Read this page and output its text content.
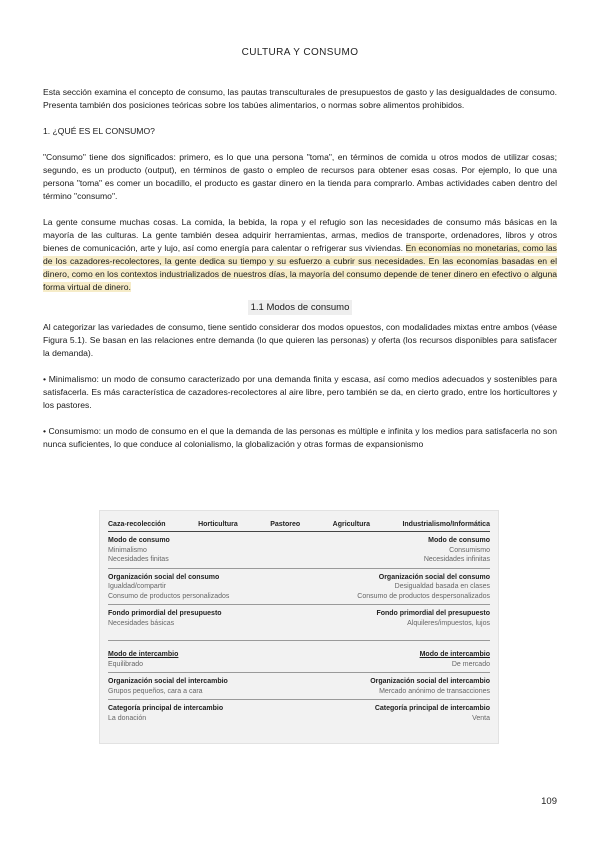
CULTURA Y CONSUMO

Esta sección examina el concepto de consumo, las pautas transculturales de presupuestos de gasto y las desigualdades de consumo. Presenta también dos posiciones teóricas sobre los tabúes alimentarios, o normas sobre alimentos prohibidos.

1. ¿QUÉ ES EL CONSUMO?

"Consumo" tiene dos significados: primero, es lo que una persona "toma", en términos de comida u otros modos de utilizar cosas; segundo, es un producto (output), en términos de gasto o empleo de recursos para obtener esas cosas. Por ejemplo, lo que una persona "toma" es comer un bocadillo, el producto es gastar dinero en la tienda para comprarlo. Ambas actividades caben dentro del término "consumo".

La gente consume muchas cosas. La comida, la bebida, la ropa y el refugio son las necesidades de consumo más básicas en la mayoría de las culturas. La gente también desea adquirir herramientas, armas, medios de transporte, ordenadores, libros y otros bienes de comunicación, arte y lujo, así como energía para calentar o refrigerar sus viviendas. En economías no monetarias, como las de los cazadores-recolectores, la gente dedica su tiempo y su esfuerzo a cubrir sus necesidades. En las economías basadas en el dinero, como en los contextos industrializados de nuestros días, la mayoría del consumo depende de tener dinero en efectivo o alguna forma virtual de dinero.

1.1 Modos de consumo

Al categorizar las variedades de consumo, tiene sentido considerar dos modos opuestos, con modalidades mixtas entre ambos (véase Figura 5.1). Se basan en las relaciones entre demanda (lo que quieren las personas) y oferta (los recursos disponibles para satisfacer la demanda).

• Minimalismo: un modo de consumo caracterizado por una demanda finita y escasa, así como medios adecuados y sostenibles para satisfacerla. Es más característica de cazadores-recolectores al aire libre, pero también se da, en cierto grado, entre los horticultores y los pastores.

• Consumismo: un modo de consumo en el que la demanda de las personas es múltiple e infinita y los medios para satisfacerla no son nunca suficientes, lo que conduce al colonialismo, la globalización y otras formas de expansionismo

Caza-recolección	Horticultura	Pastoreo	Agricultura	Industrialismo/Informática
Modo de consumo	Modo de consumo
Minimalismo	Consumismo
Necesidades finitas	Necesidades infinitas
Organización social del consumo	Organización social del consumo
Igualdad/compartir	Desigualdad basada en clases
Consumo de productos personalizados	Consumo de productos despersonalizados
Fondo primordial del presupuesto	Fondo primordial del presupuesto
Necesidades básicas	Alquileres/impuestos, lujos
Modo de intercambio	Modo de intercambio
Equilibrado	De mercado
Organización social del intercambio	Organización social del intercambio
Grupos pequeños, cara a cara	Mercado anónimo de transacciones
Categoría principal de intercambio	Categoría principal de intercambio
La donación	Venta
109
